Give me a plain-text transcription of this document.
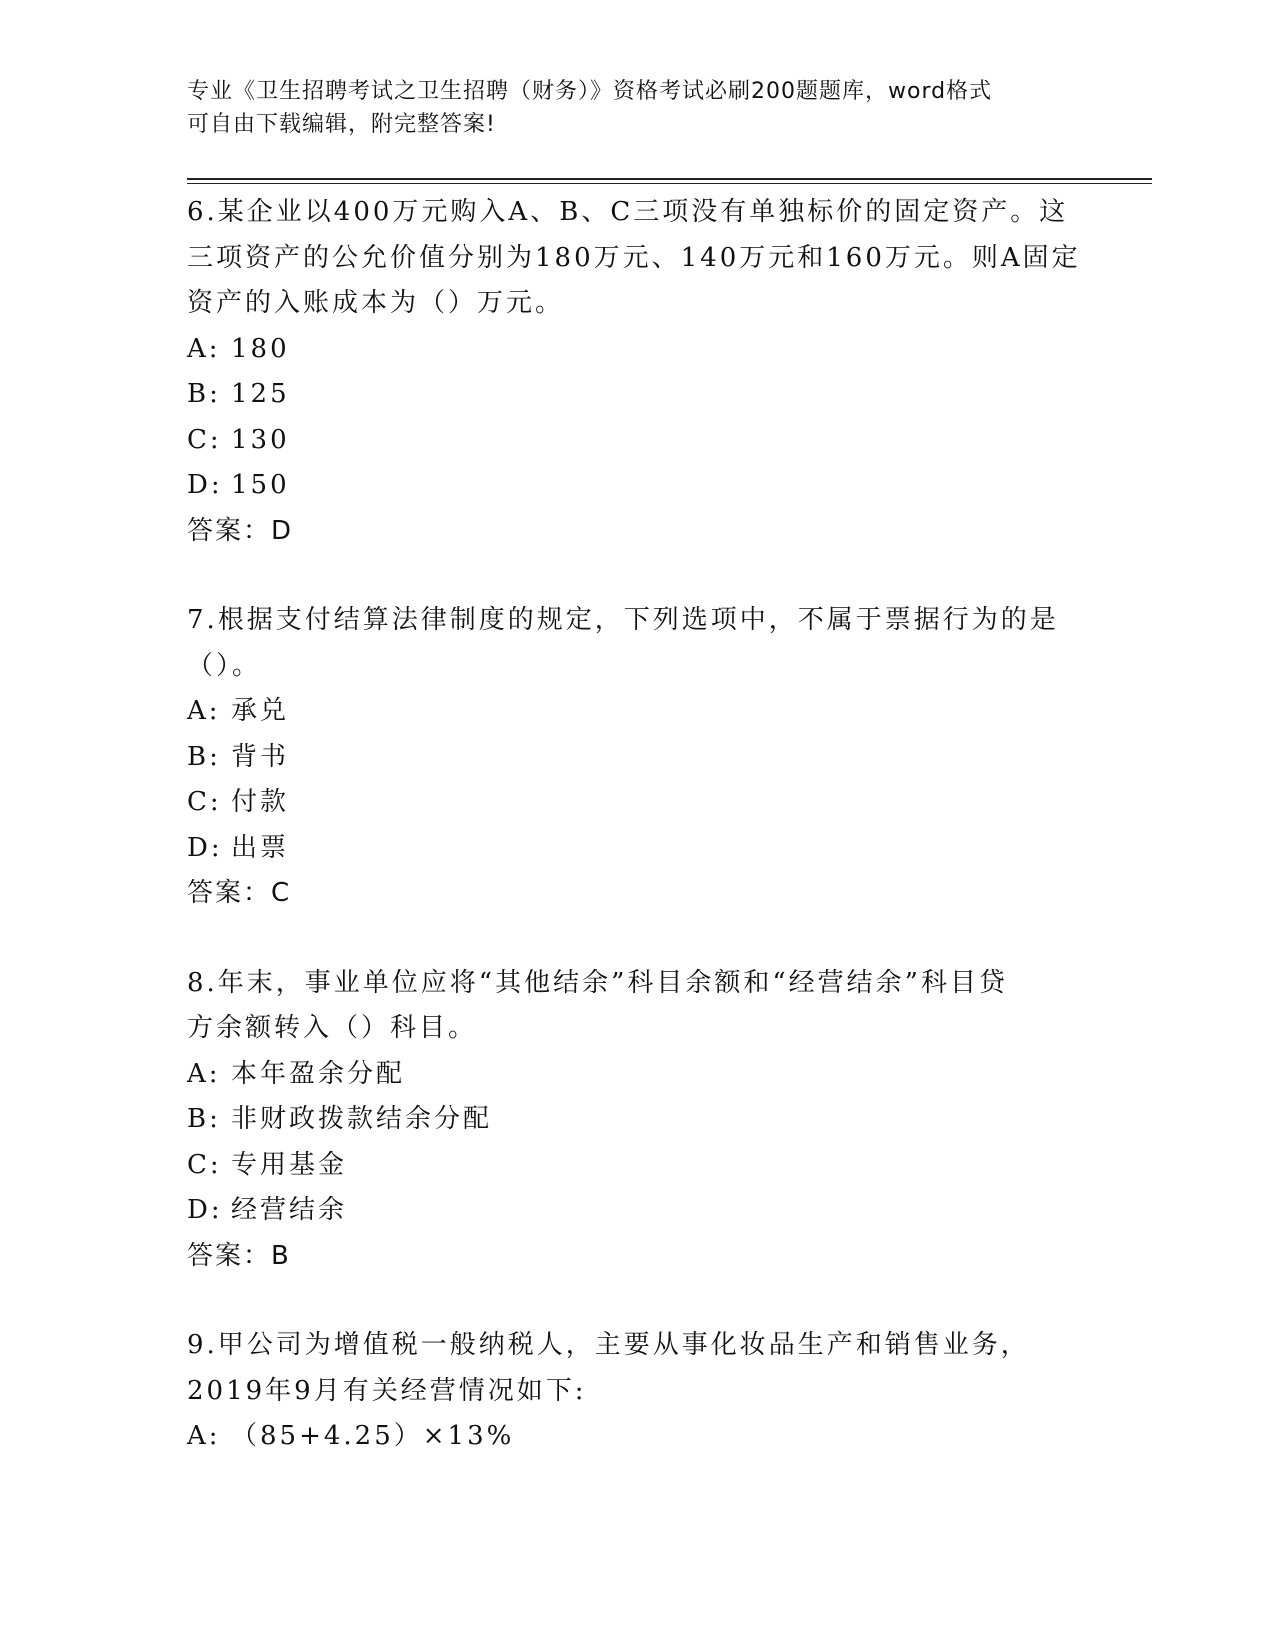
专业《卫生招聘考试之卫生招聘（财务）》资格考试必刷200题题库，word格式
可自由下载编辑，附完整答案!

6.某企业以400万元购入A、B、C三项没有单独标价的固定资产。这

三项资产的公允价值分别为180万元、140万元和160万元。则A固定

资产的入账成本为（）万元。

A: 180

B: 125

C: 130

D: 150

答案：D

7.根据支付结算法律制度的规定，下列选项中，不属于票据行为的是

（）。

A: 承兑

B: 背书

C: 付款

D: 出票

答案：C

8.年末，事业单位应将“其他结余”科目余额和“经营结余”科目贷

方余额转入（）科目。

A: 本年盈余分配

B: 非财政拨款结余分配

C: 专用基金

D: 经营结余

答案：B

9.甲公司为增值税一般纳税人，主要从事化妆品生产和销售业务，

2019年9月有关经营情况如下:

A: （85+4.25）×13%
